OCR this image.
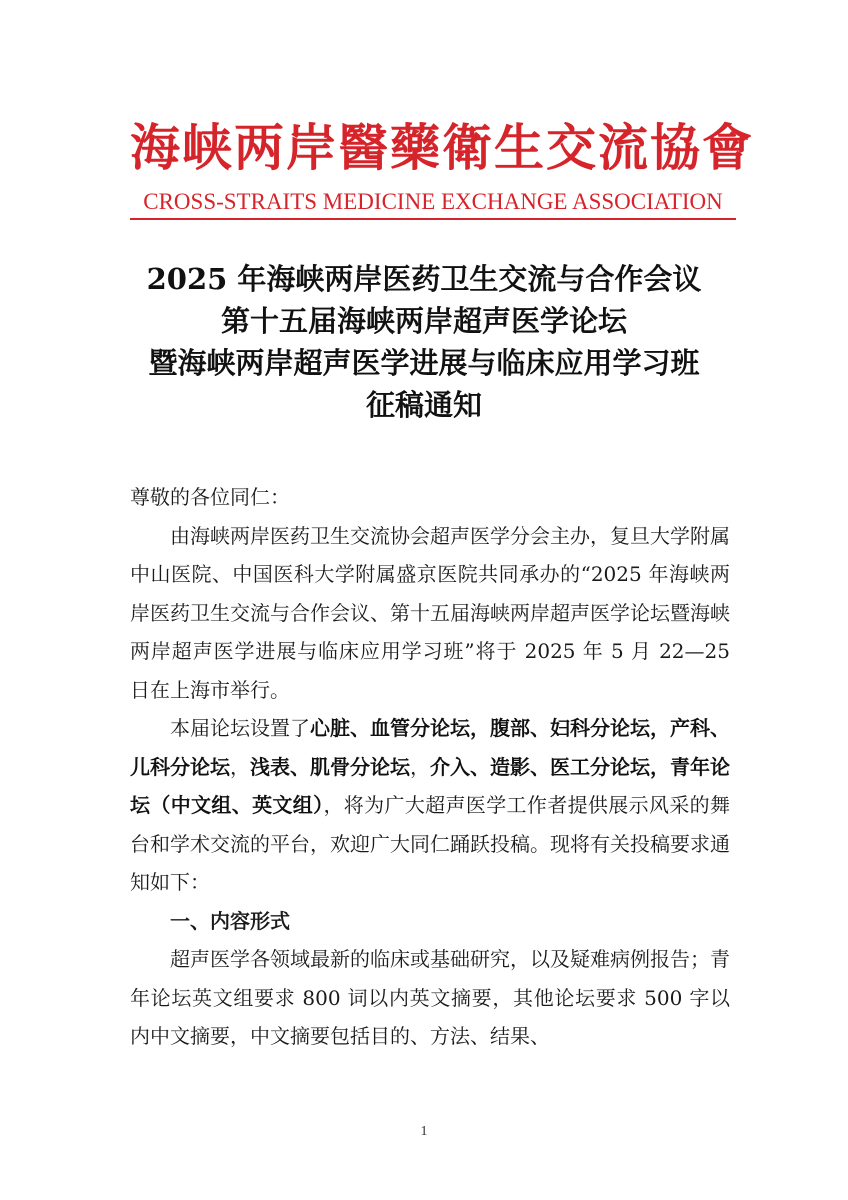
海峡两岸醫藥衛生交流協會
CROSS-STRAITS MEDICINE EXCHANGE ASSOCIATION
2025 年海峡两岸医药卫生交流与合作会议
第十五届海峡两岸超声医学论坛
暨海峡两岸超声医学进展与临床应用学习班
征稿通知

尊敬的各位同仁：

由海峡两岸医药卫生交流协会超声医学分会主办，复旦大学附属中山医院、中国医科大学附属盛京医院共同承办的“2025 年海峡两岸医药卫生交流与合作会议、第十五届海峡两岸超声医学论坛暨海峡两岸超声医学进展与临床应用学习班”将于 2025 年 5 月 22—25 日在上海市举行。

本届论坛设置了心脏、血管分论坛，腹部、妇科分论坛，产科、儿科分论坛，浅表、肌骨分论坛，介入、造影、医工分论坛，青年论坛（中文组、英文组），将为广大超声医学工作者提供展示风采的舞台和学术交流的平台，欢迎广大同仁踊跃投稿。现将有关投稿要求通知如下：

一、内容形式

超声医学各领域最新的临床或基础研究，以及疑难病例报告；青年论坛英文组要求 800 词以内英文摘要，其他论坛要求 500 字以内中文摘要，中文摘要包括目的、方法、结果、

1
